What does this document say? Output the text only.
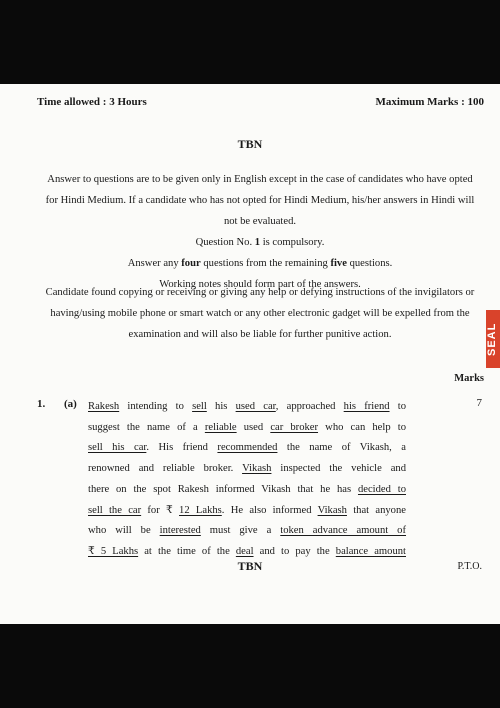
Time allowed : 3 Hours	Maximum Marks : 100
TBN

Answer to questions are to be given only in English except in the case of candidates who have opted for Hindi Medium. If a candidate who has not opted for Hindi Medium, his/her answers in Hindi will not be evaluated.

Question No. 1 is compulsory.

Answer any four questions from the remaining five questions.

Working notes should form part of the answers.

Candidate found copying or receiving or giving any help or defying instructions of the invigilators or having/using mobile phone or smart watch or any other electronic gadget will be expelled from the examination and will also be liable for further punitive action.
Marks
1. (a)	7
Rakesh intending to sell his used car, approached his friend to
suggest the name of a reliable used car broker who can help to
sell his car. His friend recommended the name of Vikash, a
renowned and reliable broker. Vikash inspected the vehicle and
there on the spot Rakesh informed Vikash that he has decided to
sell the car for ₹ 12 Lakhs. He also informed Vikash that anyone
who will be interested must give a token advance amount of
₹ 5 Lakhs at the time of the deal and to pay the balance amount
TBN	P.T.O.
SEAL
